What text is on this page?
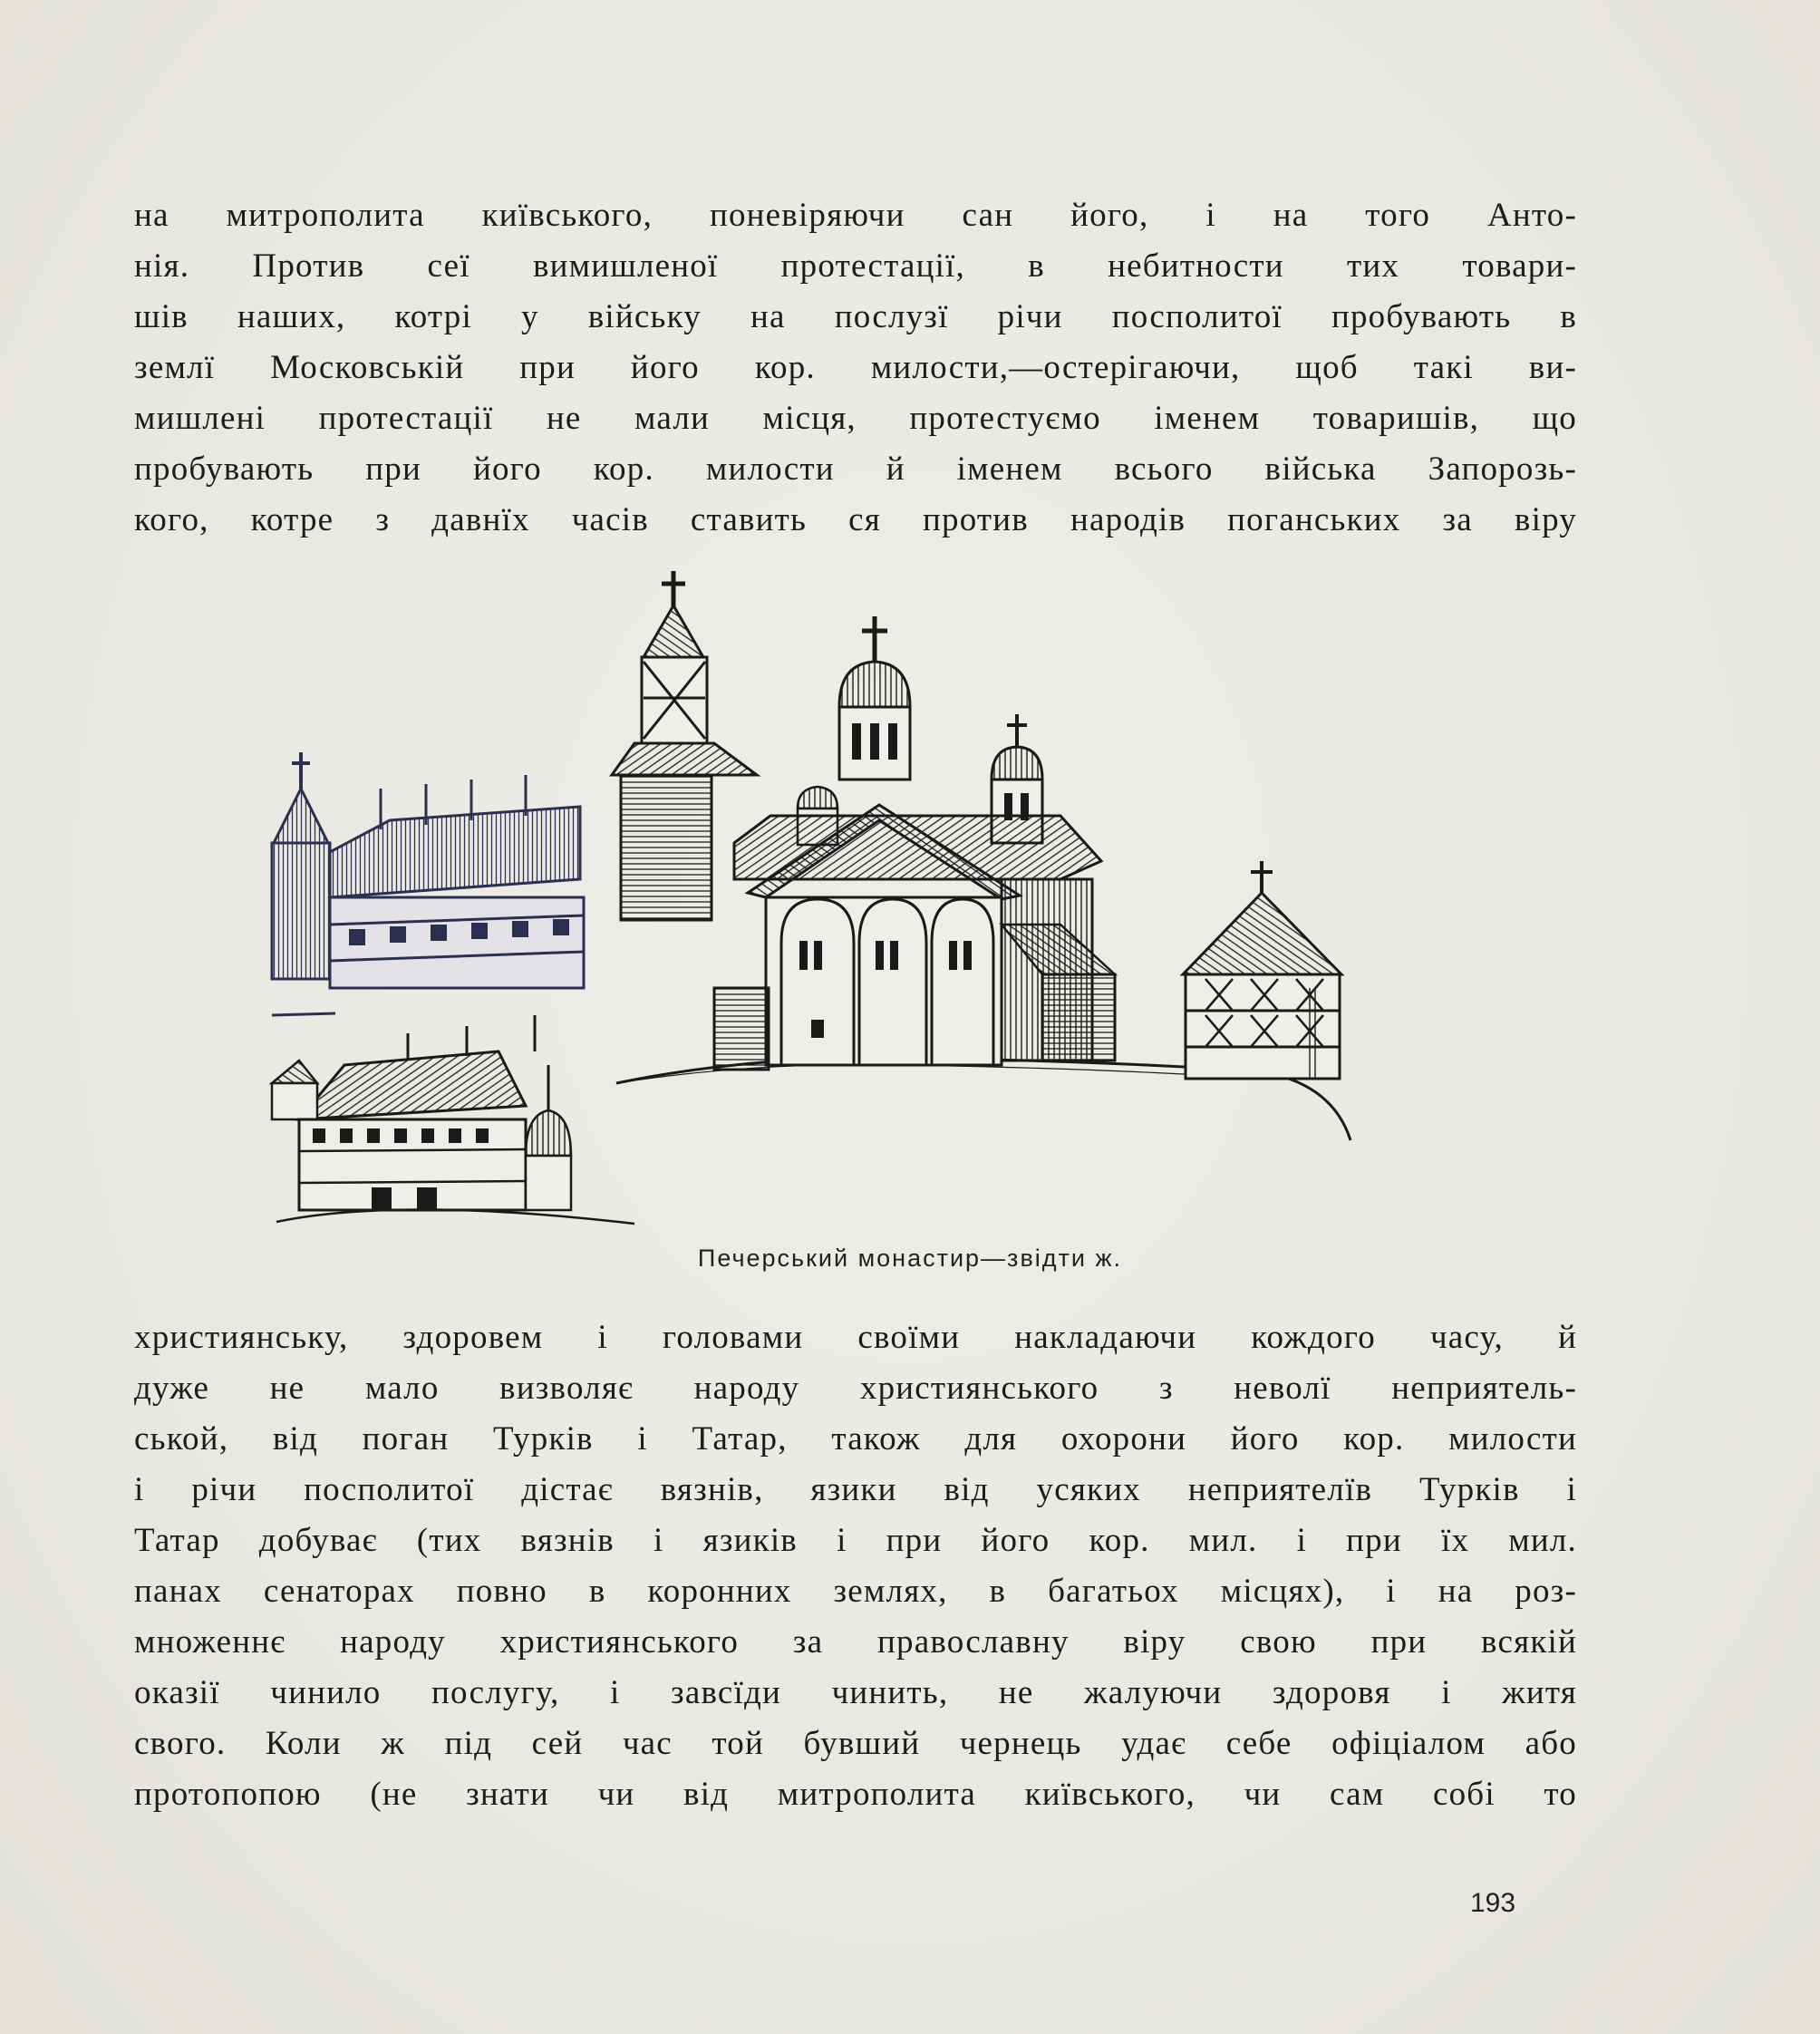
на митрополита київського, поневіряючи сан його, і на того Анто-
нія. Против сеї вимишленої протестації, в небитности тих товари-
шів наших, котрі у війську на послузї річи посполитої пробувають в
землї Московській при його кор. милости,—остерігаючи, щоб такі ви-
мишлені протестації не мали місця, протестуємо іменем товаришів, що
пробувають при його кор. милости й іменем всього війська Запорозь-
кого, котре з давнїх часів ставить ся против народів поганських за віру
Печерський монастир—звідти ж.
християнську, здоровем і головами своїми накладаючи кождого часу, й
дуже не мало визволяє народу християнського з неволї неприятель-
ськой, від поган Турків і Татар, також для охорони його кор. милости
і річи посполитої дістає вязнів, язики від усяких неприятелїв Турків і
Татар добуває (тих вязнів і язиків і при його кор. мил. і при їх мил.
панах сенаторах повно в коронних землях, в багатьох місцях), і на роз-
множеннє народу християнського за православну віру свою при всякій
оказії чинило послугу, і завсїди чинить, не жалуючи здоровя і житя
свого. Коли ж під сей час той бувший чернець удає себе офіціалом або
протопопою (не знати чи від митрополита київського, чи сам собі то
193
